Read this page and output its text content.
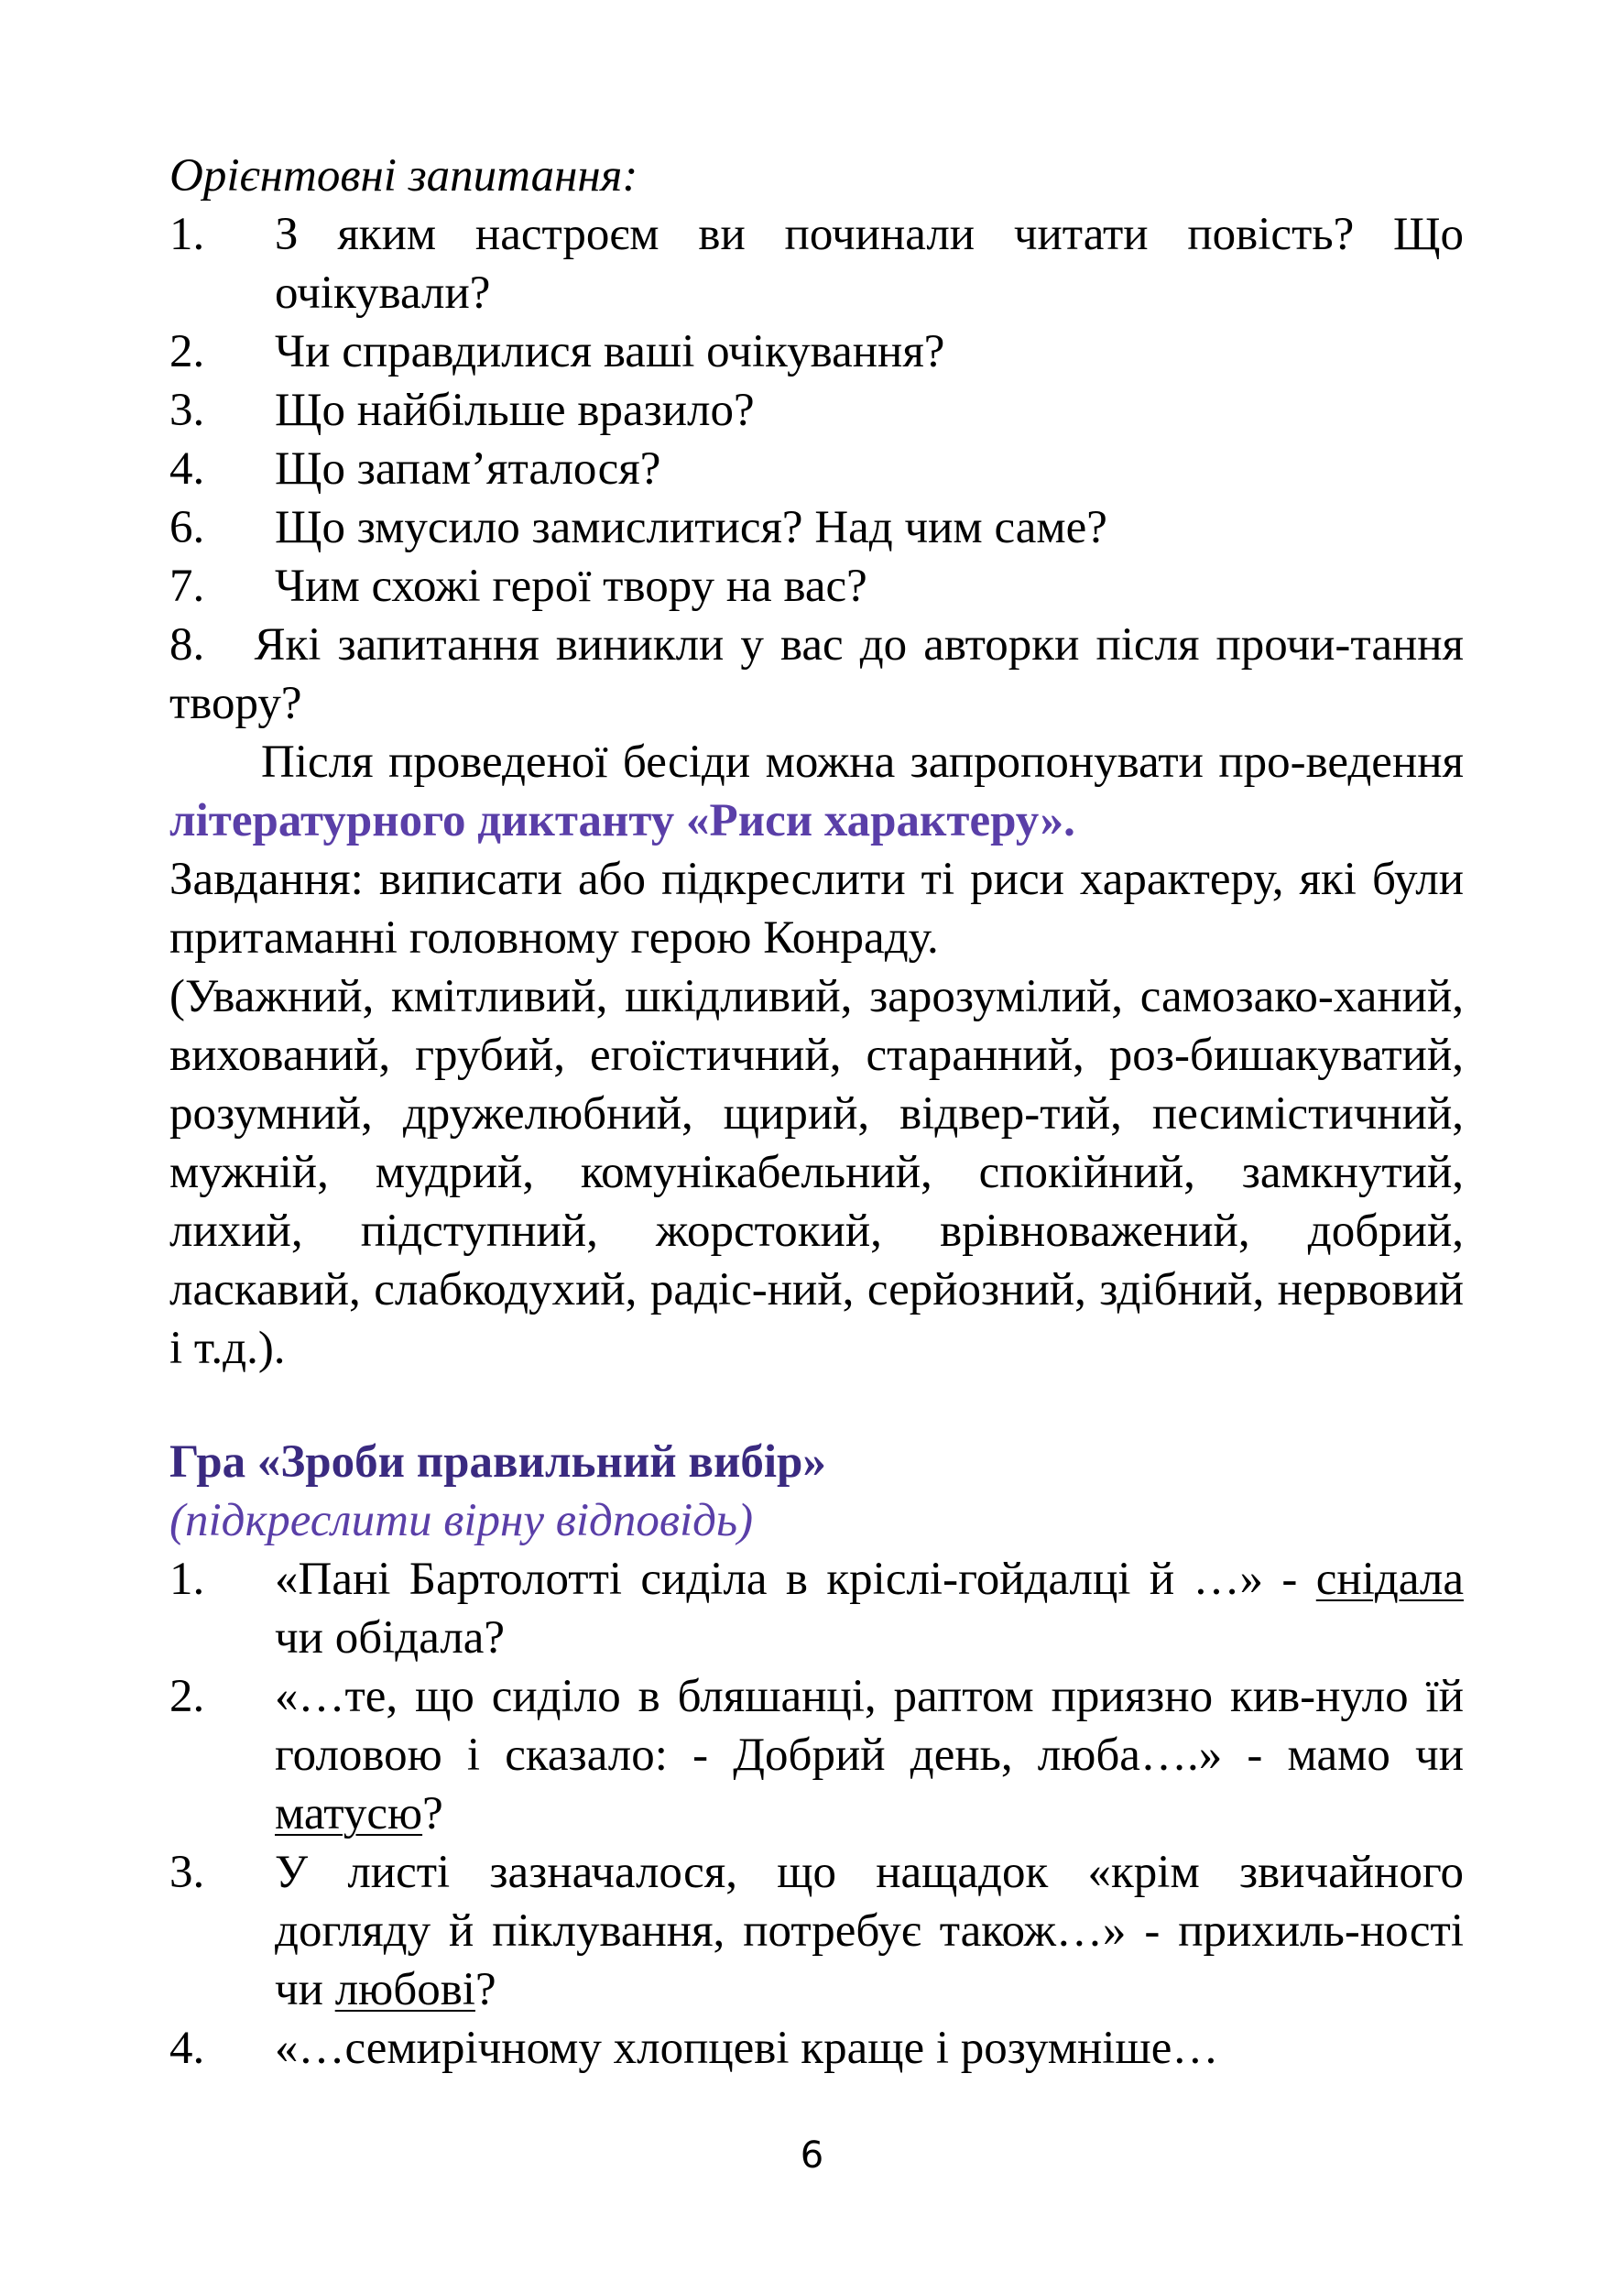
Орієнтовні запитання:

1.	З яким настроєм ви починали читати повість? Що очікували?
2.	Чи справдилися ваші очікування?
3.	Що найбільше вразило?
4.	Що запам’яталося?
6.	Що змусило замислитися? Над чим саме?
7.	Чим схожі герої твору на вас?

8. Які запитання виникли у вас до авторки після прочи-тання твору?

Після проведеної бесіди можна запропонувати про-ведення літературного диктанту «Риси характеру».

Завдання: виписати або підкреслити ті риси характеру, які були притаманні головному герою Конраду.

(Уважний, кмітливий, шкідливий, зарозумілий, самозако-ханий, вихований, грубий, егоїстичний, старанний, роз-бишакуватий, розумний, дружелюбний, щирий, відвер-тий, песимістичний, мужній, мудрий, комунікабельний, спокійний, замкнутий, лихий, підступний, жорстокий, врівноважений, добрий, ласкавий, слабкодухий, радіс-ний, серйозний, здібний, нервовий і т.д.).

Гра «Зроби правильний вибір»

(підкреслити вірну відповідь)

1.	«Пані Бартолотті сиділа в кріслі-гойдалці й …» - снідала чи обідала?
2.	«…те, що сиділо в бляшанці, раптом приязно кив-нуло їй головою і сказало: - Добрий день, люба….» - мамо чи матусю?
3.	У листі зазначалося, що нащадок «крім звичайного догляду й піклування, потребує також…» - прихиль-ності чи любові?
4.	«…семирічному хлопцеві краще і розумніше…
6
